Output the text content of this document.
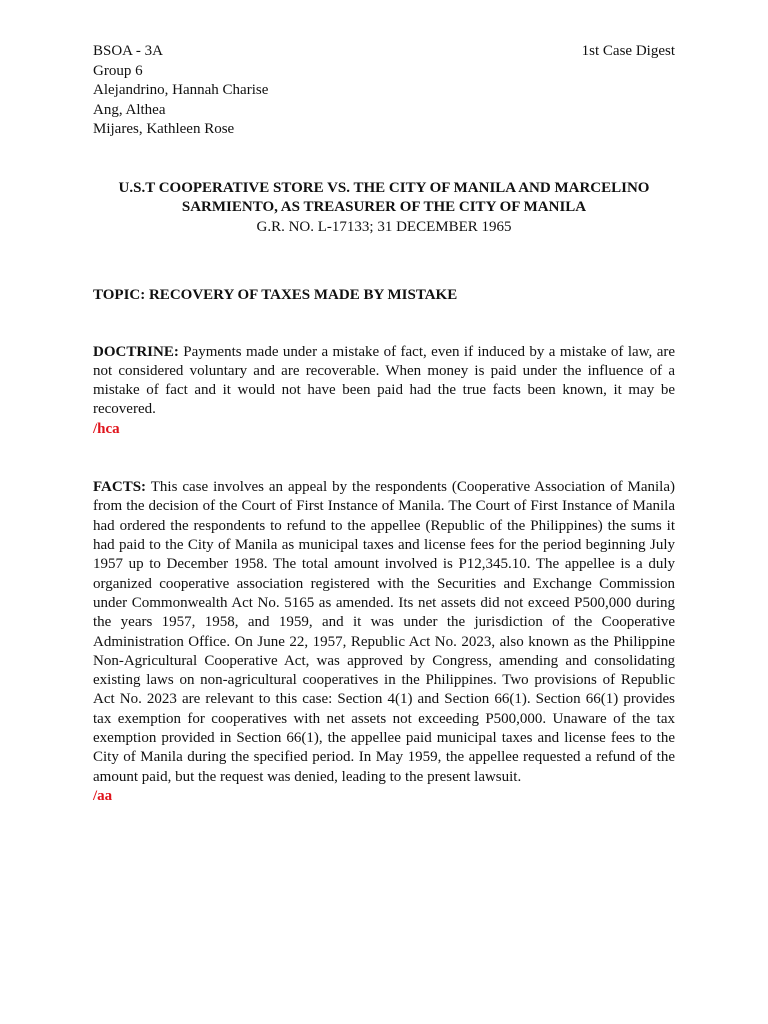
BSOA - 3A	1st Case Digest
Group 6
Alejandrino, Hannah Charise
Ang, Althea
Mijares, Kathleen Rose
U.S.T COOPERATIVE STORE VS. THE CITY OF MANILA AND MARCELINO
SARMIENTO, AS TREASURER OF THE CITY OF MANILA
G.R. NO. L-17133; 31 DECEMBER 1965
TOPIC: RECOVERY OF TAXES MADE BY MISTAKE
DOCTRINE: Payments made under a mistake of fact, even if induced by a mistake of law, are not considered voluntary and are recoverable. When money is paid under the influence of a mistake of fact and it would not have been paid had the true facts been known, it may be recovered.
/hca
FACTS: This case involves an appeal by the respondents (Cooperative Association of Manila) from the decision of the Court of First Instance of Manila. The Court of First Instance of Manila had ordered the respondents to refund to the appellee (Republic of the Philippines) the sums it had paid to the City of Manila as municipal taxes and license fees for the period beginning July 1957 up to December 1958. The total amount involved is P12,345.10. The appellee is a duly organized cooperative association registered with the Securities and Exchange Commission under Commonwealth Act No. 5165 as amended. Its net assets did not exceed P500,000 during the years 1957, 1958, and 1959, and it was under the jurisdiction of the Cooperative Administration Office. On June 22, 1957, Republic Act No. 2023, also known as the Philippine Non-Agricultural Cooperative Act, was approved by Congress, amending and consolidating existing laws on non-agricultural cooperatives in the Philippines. Two provisions of Republic Act No. 2023 are relevant to this case: Section 4(1) and Section 66(1). Section 66(1) provides tax exemption for cooperatives with net assets not exceeding P500,000. Unaware of the tax exemption provided in Section 66(1), the appellee paid municipal taxes and license fees to the City of Manila during the specified period. In May 1959, the appellee requested a refund of the amount paid, but the request was denied, leading to the present lawsuit.
/aa
